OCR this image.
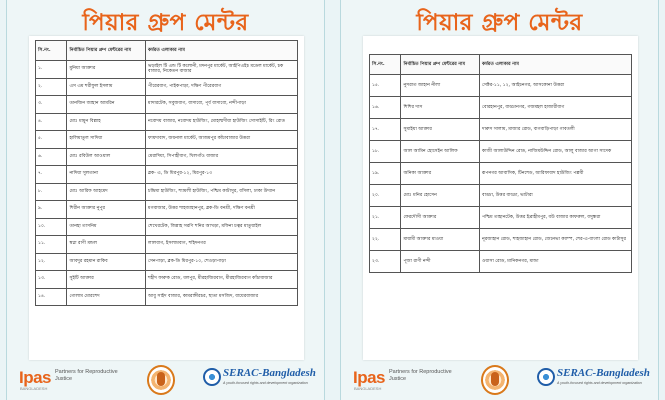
পিয়ার গ্রুপ মেন্টর
সি.নং.	নির্বাচিত পিয়ার গ্রুপ মেন্টরের নাম	কর্মরত এলাকার নাম
১.	মুনিয়া আক্তার	ভড়াইল টি এন্ড টি কলোনী, মদনপুর মার্কেট, আইপিএইচ মডেল মার্কেট, চক বাজার, নিকেতন বাজার
২.	এস এম শরীফুল ইসলাম	পীরেরবাগ, পাইকপাড়া, দক্ষিণ পীরেরবাগ
৩.	তানজিন জাহান আমরিন	মাদারটেক, সবুজবাগ, বাসাবো, পূর্ব বাসাবো, নন্দীপাড়া
৪.	মোঃ মামুন বিল্লাহ	নবোদয় বাজার, নবোদয় হাউজিং, মোহাম্মদীয়া হাউজিং সোসাইটি, রিং রোড
৫.	হালিমাতুল সাদিয়া	ফায়দাবাদ, জয়নাল মার্কেট, আজমপুর কাঁচাবাজার উত্তরা
৬.	মোঃ রবিউল আওয়াল	মেরাদিয়া, সিপাহীবাগ, খিলগাঁও বাজার
৭.	নাদিয়া সুলতানা	ব্লক- এ, ডি মিরপুর-১২, মিরপুর-১৩
৮.	মোঃ আরিফ আহমেদ	চন্দ্রিমা হাউজিং, শ্যামলী হাউজিং, পশ্চিম কাটাসুর, বসিলা, ঢাকা উদ্যান
৯.	শিরীন আক্তার নুপুর	মগবাজার, উত্তর শাহজাহানপুর, ব্লক-ডি বনশ্রী, দক্ষিণ বনশ্রী
১০.	তানহা তাসনিম	শেখেরটেক, জিন্নাহ সরণি শনির আখড়া, মফিনা চত্বর মাতুয়াইল
১১.	স্বপ্না রাণী মন্ডল	লালবাগ, ইসলামবাগ, শহিদনগর
১২.	আবদুর রহমান রাকিব	সেনপাড়া, ব্লক-ডি মিরপুর-১০, শেওড়াপাড়া
১৩.	সুইটি আক্তার	শহীদ ফারুক রোড, ধলপুর, মীরহাজিরবাগ, মীরহাজিরবাগ কাঁচাবাজার
১৪.	গোলাম মোরশেদ	আবু সাইদ বাজার, কামরাঙ্গীরচর, ছাতা মসজিদ, বায়েরবাজার
Ipas Partners for Reproductive Justice
BANGLADESH
SERAC-Bangladesh
A youth-focused rights and development organization
পিয়ার গ্রুপ মেন্টর
সি.নং.	নির্বাচিত পিয়ার গ্রুপ মেন্টরের নাম	কর্মরত এলাকার নাম
১৫.	নুসরাত জাহান নীলা	সেক্টর-১১, ১২, আইচনগর, আসকোনা উত্তরা
১৬.	শিশির দাস	বোরহানপুর, বাড্ডানগর, গজমহল হাজারীবাগ
১৭.	সুমাইয়া আক্তার	দারুস সালাম, মাজার রোড, বাগবাড়িপাড়া গাবতলী
১৮.	আল আমিন হোসেইন আলিফ	কাজী আলাউদ্দিন রোড, নাজিমউদ্দিন রোড, আলু বাজার আগা সাদেক
১৯.	অনিকা আক্তার	রূপনগর আবাসিক, টিনশেড, আরিফাবাদ হাউজিং পল্লবী
২০.	মোঃ মনির হোসেন	বাড্ডা, উত্তর বাড্ডা, ভাটারা
২১.	ফেরদৌসী আক্তার	পশ্চিম তাহানটেক, উত্তর ইব্রাহীমপুর, বউ বাজার কাফরুল, বসুন্ধরা
২২.	মায়ামী আক্তার মাওয়া	নূরজাহান রোড, শাহজাহান রোড, জেনেভা ক্যাম্প, শের-এ-বাংলা রোড কাটাসুর
২৩.	পূজা রাণী নন্দী	ওয়াসা রোড, মানিকনগর, মান্ডা
Ipas Partners for Reproductive Justice
BANGLADESH
SERAC-Bangladesh
A youth-focused rights and development organization
